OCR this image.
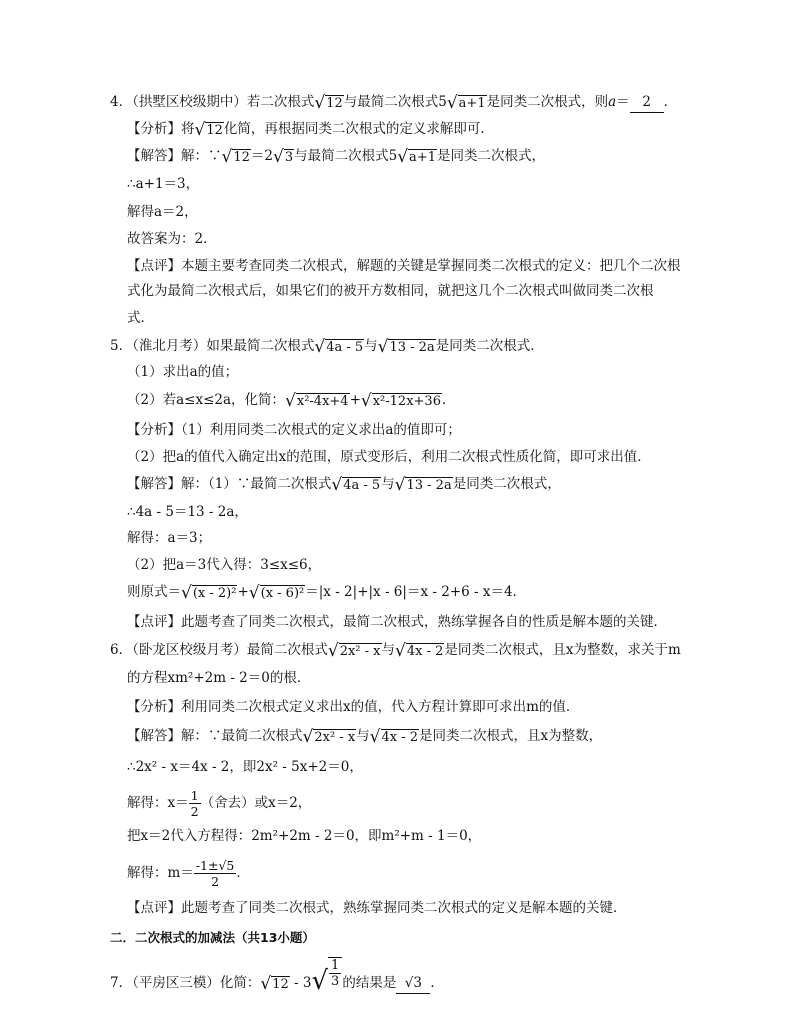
4．（拱墅区校级期中）若二次根式 √ 12 与最简二次根式5 √ a+1 是同类二次根式，则a＝ 2 ．
【分析】将 √ 12 化简，再根据同类二次根式的定义求解即可．
【解答】解：∵ √ 12 ＝2 √ 3 与最简二次根式5 √ a+1 是同类二次根式，
∴a+1＝3，
解得a＝2，
故答案为：2．
【点评】本题主要考查同类二次根式，解题的关键是掌握同类二次根式的定义：把几个二次根
式化为最简二次根式后，如果它们的被开方数相同，就把这几个二次根式叫做同类二次根
式．
5．（淮北月考）如果最简二次根式 √ 4a - 5 与 √ 13 - 2a 是同类二次根式．
（1）求出a的值；
（2）若a≤x≤2a，化简： √ x²-4x+4 + √ x²-12x+36 ．
【分析】（1）利用同类二次根式的定义求出a的值即可；
（2）把a的值代入确定出x的范围，原式变形后，利用二次根式性质化简，即可求出值．
【解答】解：（1）∵最简二次根式 √ 4a - 5 与 √ 13 - 2a 是同类二次根式，
∴4a - 5＝13 - 2a，
解得：a＝3；
（2）把a＝3代入得：3≤x≤6，
则原式＝ √ (x - 2)² + √ (x - 6)² ＝|x - 2|+|x - 6|＝x - 2+6 - x＝4．
【点评】此题考查了同类二次根式，最简二次根式，熟练掌握各自的性质是解本题的关键．
6．（卧龙区校级月考）最简二次根式 √ 2x² - x 与 √ 4x - 2 是同类二次根式，且x为整数，求关于m
的方程xm²+2m - 2＝0的根．
【分析】利用同类二次根式定义求出x的值，代入方程计算即可求出m的值．
【解答】解：∵最简二次根式 √ 2x² - x 与 √ 4x - 2 是同类二次根式，且x为整数，
∴2x² - x＝4x - 2，即2x² - 5x+2＝0，
解得：$x= \frac{1}{2}$ （舍去）或x＝2，
把x＝2代入方程得：2m²+2m - 2＝0，即m²+m - 1＝0，
解得：$m= \frac{-1\pm√5}{2}$ ．
【点评】此题考查了同类二次根式，熟练掌握同类二次根式的定义是解本题的关键．
二．二次根式的加减法（共13小题）
7．（平房区三模）化简： √ 12 - 3 √ $\frac{1}{3}$ 的结果是 √3 ．
